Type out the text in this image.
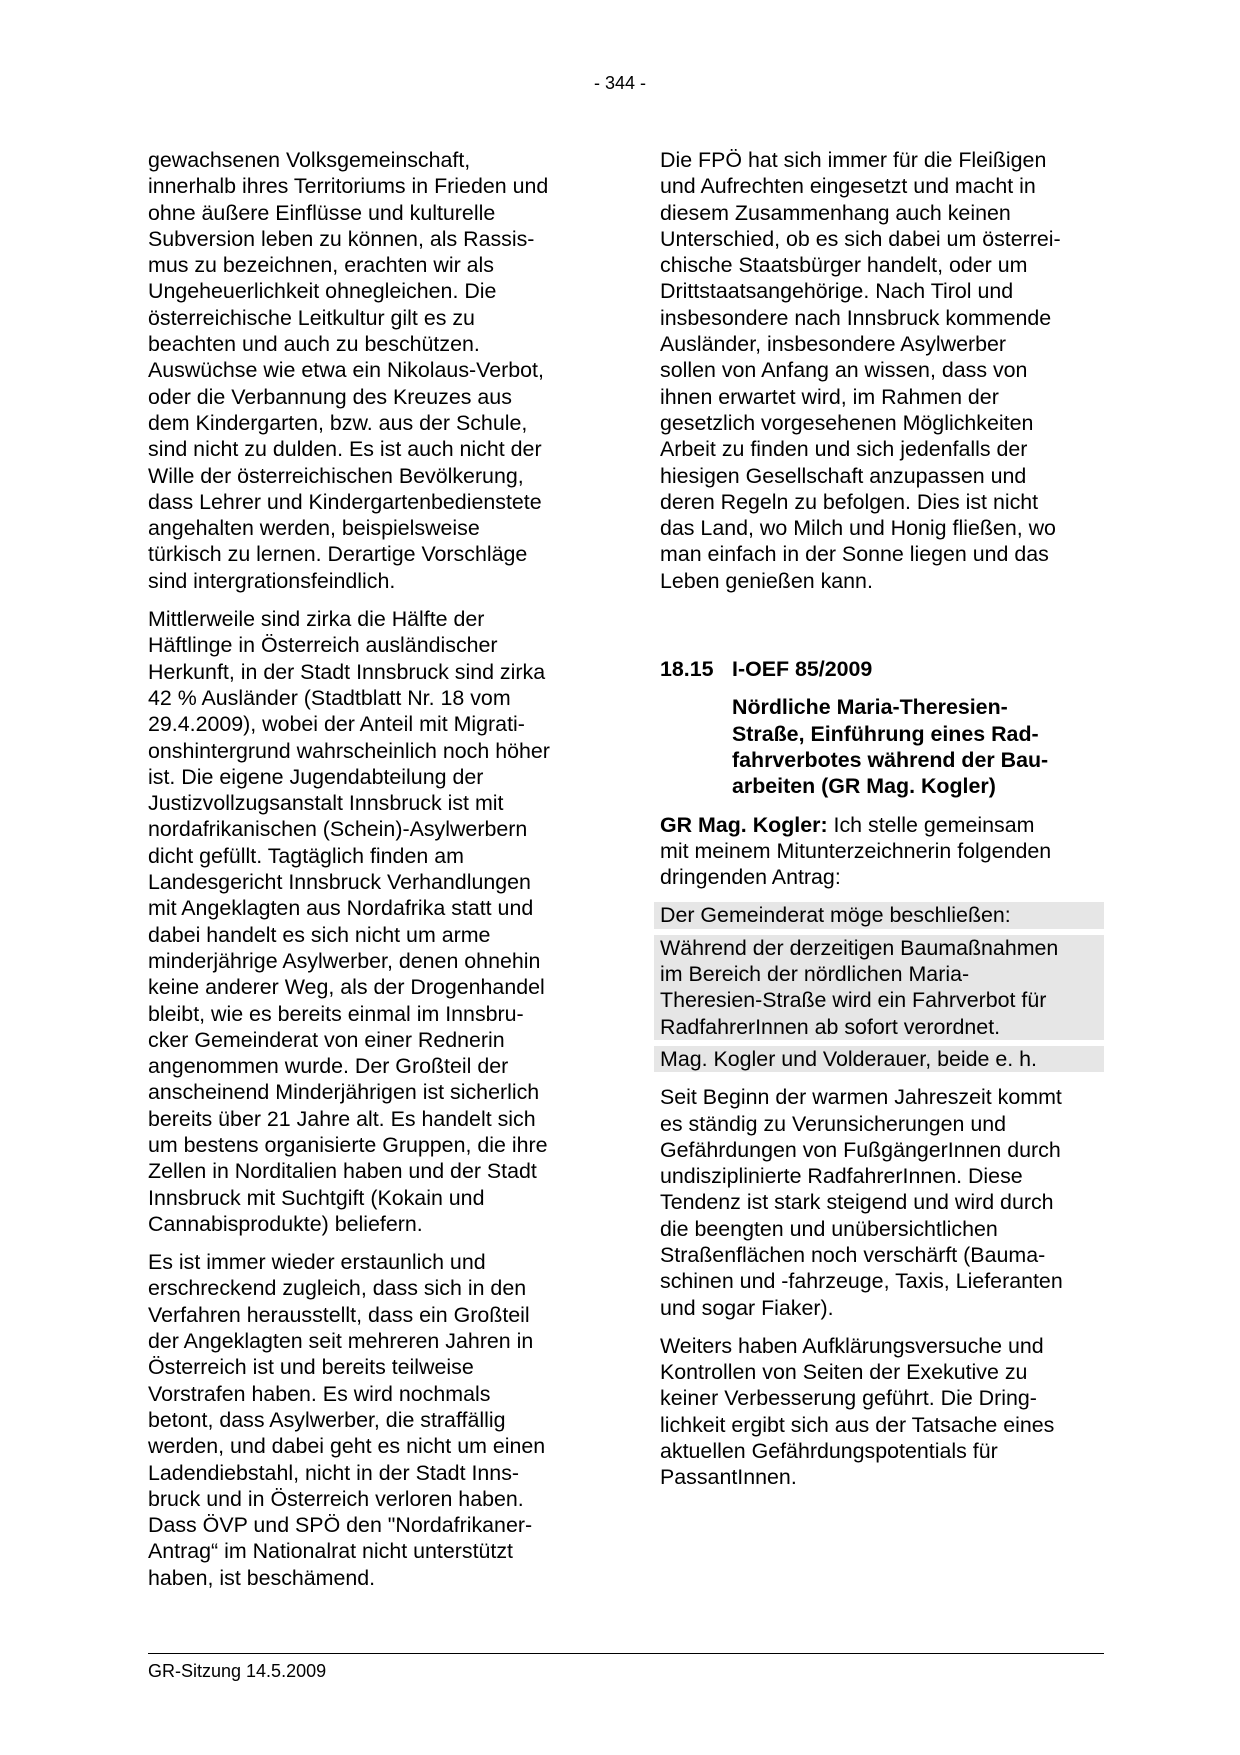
- 344 -

gewachsenen Volksgemeinschaft,
innerhalb ihres Territoriums in Frieden und
ohne äußere Einflüsse und kulturelle
Subversion leben zu können, als Rassis-
mus zu bezeichnen, erachten wir als
Ungeheuerlichkeit ohnegleichen. Die
österreichische Leitkultur gilt es zu
beachten und auch zu beschützen.
Auswüchse wie etwa ein Nikolaus-Verbot,
oder die Verbannung des Kreuzes aus
dem Kindergarten, bzw. aus der Schule,
sind nicht zu dulden. Es ist auch nicht der
Wille der österreichischen Bevölkerung,
dass Lehrer und Kindergartenbedienstete
angehalten werden, beispielsweise
türkisch zu lernen. Derartige Vorschläge
sind intergrationsfeindlich.

Mittlerweile sind zirka die Hälfte der
Häftlinge in Österreich ausländischer
Herkunft, in der Stadt Innsbruck sind zirka
42 % Ausländer (Stadtblatt Nr. 18 vom
29.4.2009), wobei der Anteil mit Migrati-
onshintergrund wahrscheinlich noch höher
ist. Die eigene Jugendabteilung der
Justizvollzugsanstalt Innsbruck ist mit
nordafrikanischen (Schein)-Asylwerbern
dicht gefüllt. Tagtäglich finden am
Landesgericht Innsbruck Verhandlungen
mit Angeklagten aus Nordafrika statt und
dabei handelt es sich nicht um arme
minderjährige Asylwerber, denen ohnehin
keine anderer Weg, als der Drogenhandel
bleibt, wie es bereits einmal im Innsbru-
cker Gemeinderat von einer Rednerin
angenommen wurde. Der Großteil der
anscheinend Minderjährigen ist sicherlich
bereits über 21 Jahre alt. Es handelt sich
um bestens organisierte Gruppen, die ihre
Zellen in Norditalien haben und der Stadt
Innsbruck mit Suchtgift (Kokain und
Cannabisprodukte) beliefern.

Es ist immer wieder erstaunlich und
erschreckend zugleich, dass sich in den
Verfahren herausstellt, dass ein Großteil
der Angeklagten seit mehreren Jahren in
Österreich ist und bereits teilweise
Vorstrafen haben. Es wird nochmals
betont, dass Asylwerber, die straffällig
werden, und dabei geht es nicht um einen
Ladendiebstahl, nicht in der Stadt Inns-
bruck und in Österreich verloren haben.
Dass ÖVP und SPÖ den "Nordafrikaner-
Antrag“ im Nationalrat nicht unterstützt
haben, ist beschämend.

Die FPÖ hat sich immer für die Fleißigen
und Aufrechten eingesetzt und macht in
diesem Zusammenhang auch keinen
Unterschied, ob es sich dabei um österrei-
chische Staatsbürger handelt, oder um
Drittstaatsangehörige. Nach Tirol und
insbesondere nach Innsbruck kommende
Ausländer, insbesondere Asylwerber
sollen von Anfang an wissen, dass von
ihnen erwartet wird, im Rahmen der
gesetzlich vorgesehenen Möglichkeiten
Arbeit zu finden und sich jedenfalls der
hiesigen Gesellschaft anzupassen und
deren Regeln zu befolgen. Dies ist nicht
das Land, wo Milch und Honig fließen, wo
man einfach in der Sonne liegen und das
Leben genießen kann.

18.15 I-OEF 85/2009
Nördliche Maria-Theresien-
Straße, Einführung eines Rad-
fahrverbotes während der Bau-
arbeiten (GR Mag. Kogler)

GR Mag. Kogler: Ich stelle gemeinsam
mit meinem Mitunterzeichnerin folgenden
dringenden Antrag:

Der Gemeinderat möge beschließen:
Während der derzeitigen Baumaßnahmen
im Bereich der nördlichen Maria-
Theresien-Straße wird ein Fahrverbot für
RadfahrerInnen ab sofort verordnet.
Mag. Kogler und Volderauer, beide e. h.

Seit Beginn der warmen Jahreszeit kommt
es ständig zu Verunsicherungen und
Gefährdungen von FußgängerInnen durch
undisziplinierte RadfahrerInnen. Diese
Tendenz ist stark steigend und wird durch
die beengten und unübersichtlichen
Straßenflächen noch verschärft (Bauma-
schinen und -fahrzeuge, Taxis, Lieferanten
und sogar Fiaker).

Weiters haben Aufklärungsversuche und
Kontrollen von Seiten der Exekutive zu
keiner Verbesserung geführt. Die Dring-
lichkeit ergibt sich aus der Tatsache eines
aktuellen Gefährdungspotentials für
PassantInnen.

GR-Sitzung 14.5.2009
